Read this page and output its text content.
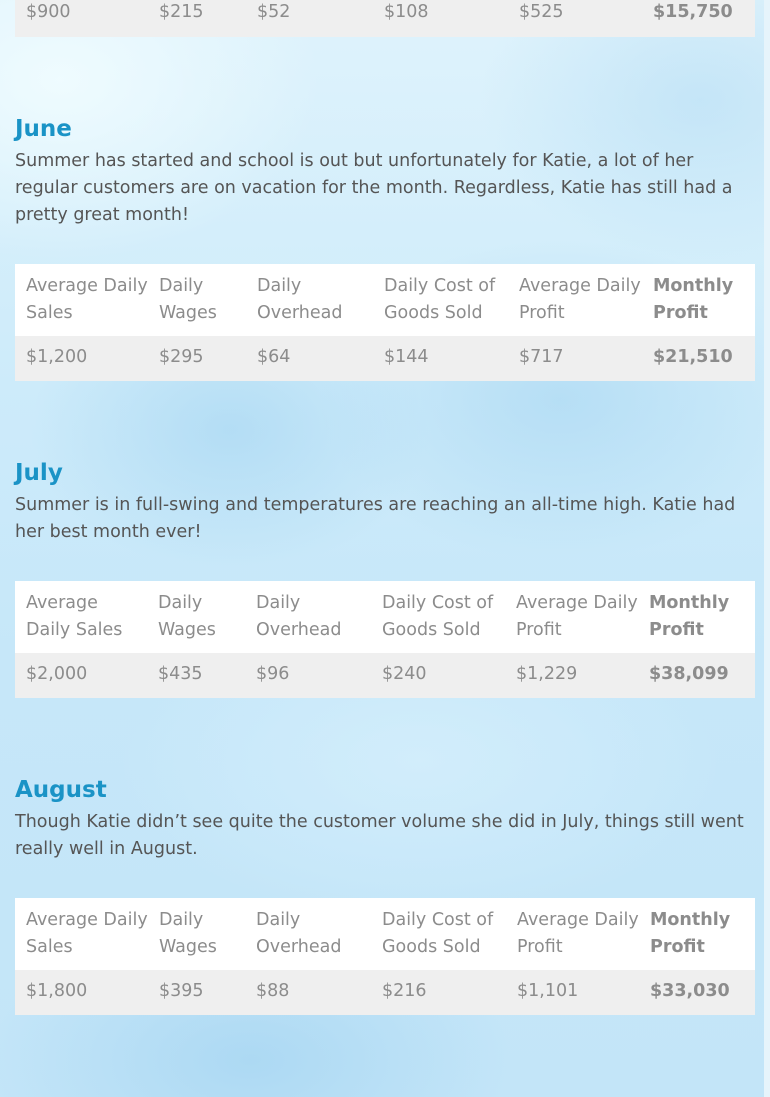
$900	$215	$52	$108	$525	$15,750
June

Summer has started and school is out but unfortunately for Katie, a lot of her regular customers are on vacation for the month. Regardless, Katie has still had a pretty great month!

Average Daily Sales	Daily Wages	Daily Overhead	Daily Cost of Goods Sold	Average Daily Profit	Monthly Profit
$1,200	$295	$64	$144	$717	$21,510
July

Summer is in full-swing and temperatures are reaching an all-time high. Katie had her best month ever!

Average Daily Sales	Daily Wages	Daily Overhead	Daily Cost of Goods Sold	Average Daily Profit	Monthly Profit
$2,000	$435	$96	$240	$1,229	$38,099
August

Though Katie didn’t see quite the customer volume she did in July, things still went really well in August.

Average Daily Sales	Daily Wages	Daily Overhead	Daily Cost of Goods Sold	Average Daily Profit	Monthly Profit
$1,800	$395	$88	$216	$1,101	$33,030
